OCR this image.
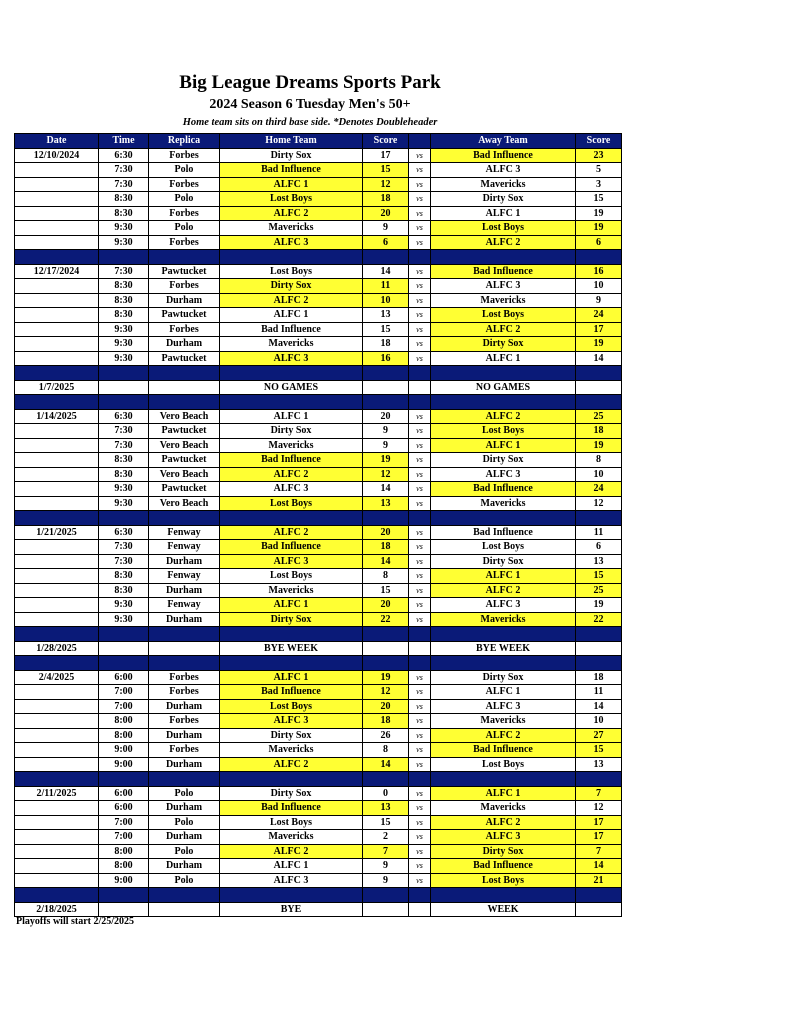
Big League Dreams Sports Park
2024 Season 6 Tuesday Men's 50+
Home team sits on third base side. *Denotes Doubleheader
Date	Time	Replica	Home Team	Score		Away Team	Score
12/10/2024	6:30	Forbes	Dirty Sox	17	vs	Bad Influence	23
	7:30	Polo	Bad Influence	15	vs	ALFC 3	5
	7:30	Forbes	ALFC 1	12	vs	Mavericks	3
	8:30	Polo	Lost Boys	18	vs	Dirty Sox	15
	8:30	Forbes	ALFC 2	20	vs	ALFC 1	19
	9:30	Polo	Mavericks	9	vs	Lost Boys	19
	9:30	Forbes	ALFC 3	6	vs	ALFC 2	6

12/17/2024	7:30	Pawtucket	Lost Boys	14	vs	Bad Influence	16
	8:30	Forbes	Dirty Sox	11	vs	ALFC 3	10
	8:30	Durham	ALFC 2	10	vs	Mavericks	9
	8:30	Pawtucket	ALFC 1	13	vs	Lost Boys	24
	9:30	Forbes	Bad Influence	15	vs	ALFC 2	17
	9:30	Durham	Mavericks	18	vs	Dirty Sox	19
	9:30	Pawtucket	ALFC 3	16	vs	ALFC 1	14

1/7/2025			NO GAMES			NO GAMES	

1/14/2025	6:30	Vero Beach	ALFC 1	20	vs	ALFC 2	25
	7:30	Pawtucket	Dirty Sox	9	vs	Lost Boys	18
	7:30	Vero Beach	Mavericks	9	vs	ALFC 1	19
	8:30	Pawtucket	Bad Influence	19	vs	Dirty Sox	8
	8:30	Vero Beach	ALFC 2	12	vs	ALFC 3	10
	9:30	Pawtucket	ALFC 3	14	vs	Bad Influence	24
	9:30	Vero Beach	Lost Boys	13	vs	Mavericks	12

1/21/2025	6:30	Fenway	ALFC 2	20	vs	Bad Influence	11
	7:30	Fenway	Bad Influence	18	vs	Lost Boys	6
	7:30	Durham	ALFC 3	14	vs	Dirty Sox	13
	8:30	Fenway	Lost Boys	8	vs	ALFC 1	15
	8:30	Durham	Mavericks	15	vs	ALFC 2	25
	9:30	Fenway	ALFC 1	20	vs	ALFC 3	19
	9:30	Durham	Dirty Sox	22	vs	Mavericks	22

1/28/2025			BYE WEEK			BYE WEEK	

2/4/2025	6:00	Forbes	ALFC 1	19	vs	Dirty Sox	18
	7:00	Forbes	Bad Influence	12	vs	ALFC 1	11
	7:00	Durham	Lost Boys	20	vs	ALFC 3	14
	8:00	Forbes	ALFC 3	18	vs	Mavericks	10
	8:00	Durham	Dirty Sox	26	vs	ALFC 2	27
	9:00	Forbes	Mavericks	8	vs	Bad Influence	15
	9:00	Durham	ALFC 2	14	vs	Lost Boys	13

2/11/2025	6:00	Polo	Dirty Sox	0	vs	ALFC 1	7
	6:00	Durham	Bad Influence	13	vs	Mavericks	12
	7:00	Polo	Lost Boys	15	vs	ALFC 2	17
	7:00	Durham	Mavericks	2	vs	ALFC 3	17
	8:00	Polo	ALFC 2	7	vs	Dirty Sox	7
	8:00	Durham	ALFC 1	9	vs	Bad Influence	14
	9:00	Polo	ALFC 3	9	vs	Lost Boys	21

2/18/2025			BYE			WEEK	
Playoffs will start 2/25/2025
